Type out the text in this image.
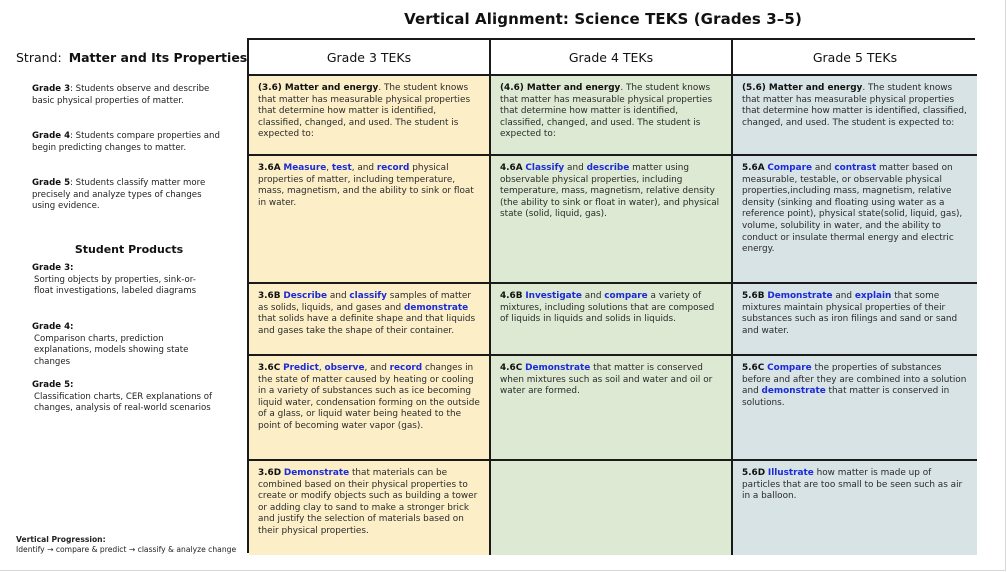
Vertical Alignment: Science TEKS (Grades 3–5)
Strand: Matter and Its Properties
Grade 3: Students observe and describe basic physical properties of matter.
Grade 4: Students compare properties and begin predicting changes to matter.
Grade 5: Students classify matter more precisely and analyze types of changes using evidence.
Student Products
Grade 3:
Sorting objects by properties, sink-or-float investigations, labeled diagrams
Grade 4:
Comparison charts, prediction explanations, models showing state changes
Grade 5:
Classification charts, CER explanations of changes, analysis of real-world scenarios
Vertical Progression:
Identify → compare & predict → classify & analyze change
Grade 3 TEKs	Grade 4 TEKs	Grade 5 TEKs
(3.6) Matter and energy. The student knows that matter has measurable physical properties that determine how matter is identified, classified, changed, and used. The student is expected to:
(4.6) Matter and energy. The student knows that matter has measurable physical properties that determine how matter is identified, classified, changed, and used. The student is expected to:
(5.6) Matter and energy. The student knows that matter has measurable physical properties that determine how matter is identified, classified, changed, and used. The student is expected to:
3.6A Measure, test, and record physical properties of matter, including temperature, mass, magnetism, and the ability to sink or float in water.
4.6A Classify and describe matter using observable physical properties, including temperature, mass, magnetism, relative density (the ability to sink or float in water), and physical state (solid, liquid, gas).
5.6A Compare and contrast matter based on measurable, testable, or observable physical properties,including mass, magnetism, relative density (sinking and floating using water as a reference point), physical state(solid, liquid, gas), volume, solubility in water, and the ability to conduct or insulate thermal energy and electric energy.
3.6B Describe and classify samples of matter as solids, liquids, and gases and demonstrate that solids have a definite shape and that liquids and gases take the shape of their container.
4.6B Investigate and compare a variety of mixtures, including solutions that are composed of liquids in liquids and solids in liquids.
5.6B Demonstrate and explain that some mixtures maintain physical properties of their substances such as iron filings and sand or sand and water.
3.6C Predict, observe, and record changes in the state of matter caused by heating or cooling in a variety of substances such as ice becoming liquid water, condensation forming on the outside of a glass, or liquid water being heated to the point of becoming water vapor (gas).
4.6C Demonstrate that matter is conserved when mixtures such as soil and water and oil or water are formed.
5.6C Compare the properties of substances before and after they are combined into a solution and demonstrate that matter is conserved in solutions.
3.6D Demonstrate that materials can be combined based on their physical properties to create or modify objects such as building a tower or adding clay to sand to make a stronger brick and justify the selection of materials based on their physical properties.
5.6D Illustrate how matter is made up of particles that are too small to be seen such as air in a balloon.
